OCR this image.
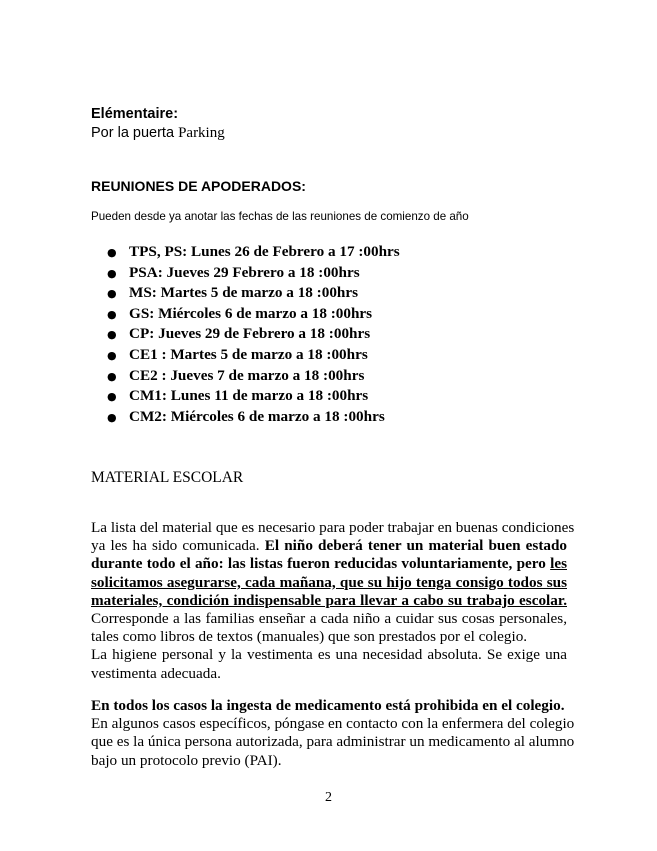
Elémentaire:
Por la puerta Parking
REUNIONES DE APODERADOS:
Pueden desde ya anotar las fechas de las reuniones de comienzo de año
● TPS, PS: Lunes 26 de Febrero a 17 :00hrs
● PSA: Jueves 29 Febrero a 18 :00hrs
● MS: Martes 5 de marzo a 18 :00hrs
● GS: Miércoles 6 de marzo a 18 :00hrs
● CP: Jueves 29 de Febrero a 18 :00hrs
● CE1 : Martes 5 de marzo a 18 :00hrs
● CE2 : Jueves 7 de marzo a 18 :00hrs
● CM1: Lunes 11 de marzo a 18 :00hrs
● CM2: Miércoles 6 de marzo a 18 :00hrs
MATERIAL ESCOLAR
La lista del material que es necesario para poder trabajar en buenas condiciones
ya les ha sido comunicada. El niño deberá tener un material buen estado
durante todo el año: las listas fueron reducidas voluntariamente, pero les
solicitamos asegurarse, cada mañana, que su hijo tenga consigo todos sus
materiales, condición indispensable para llevar a cabo su trabajo escolar.
Corresponde a las familias enseñar a cada niño a cuidar sus cosas personales,
tales como libros de textos (manuales) que son prestados por el colegio.
La higiene personal y la vestimenta es una necesidad absoluta. Se exige una
vestimenta adecuada.
En todos los casos la ingesta de medicamento está prohibida en el colegio.
En algunos casos específicos, póngase en contacto con la enfermera del colegio
que es la única persona autorizada, para administrar un medicamento al alumno
bajo un protocolo previo (PAI).
2
